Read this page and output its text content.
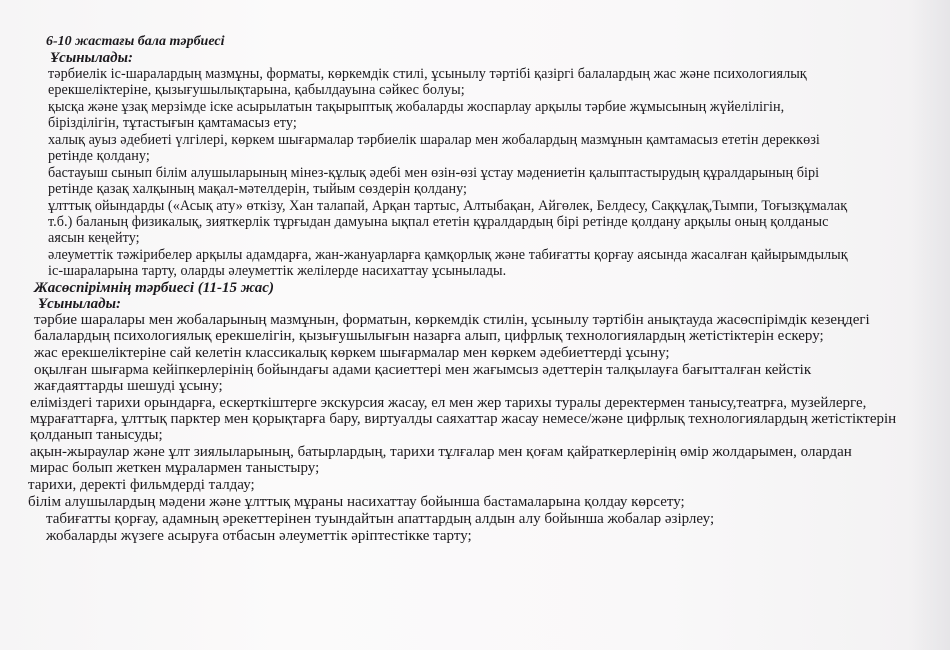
6-10 жастағы бала тәрбиесі
Ұсынылады:
тәрбиелік іс-шаралардың мазмұны, форматы, көркемдік стилі, ұсынылу тәртібі қазіргі балалардың жас және психологиялық
ерекшеліктеріне, қызығушылықтарына, қабылдауына сәйкес болуы;
қысқа және ұзақ мерзімде іске асырылатын тақырыптық жобаларды жоспарлау арқылы тәрбие жұмысының жүйелілігін,
біріздiлігін, тұтастығын қамтамасыз ету;
халық ауыз әдебиеті үлгілері, көркем шығармалар тәрбиелік шаралар мен жобалардың мазмұнын қамтамасыз ететін дереккөзі
ретінде қолдану;
бастауыш сынып білім алушыларының мінез-құлық әдебі мен өзін-өзі ұстау мәдениетін қалыптастырудың құралдарының бірі
ретінде қазақ халқының мақал-мәтелдерін, тыйым сөздерін қолдану;
ұлттық ойындарды («Асық ату» өткізу, Хан талапай, Арқан тартыс, Алтыбақан, Айгөлек, Белдесу, Саққұлақ,Тымпи, Тоғызқұмалақ
т.б.) баланың физикалық, зияткерлік тұрғыдан дамуына ықпал ететін құралдардың бірі ретінде қолдану арқылы оның қолданыс
аясын кеңейту;
әлеуметтік тәжірибелер арқылы адамдарға, жан-жануарларға қамқорлық және табиғатты қорғау аясында жасалған қайырымдылық
іс-шараларына тарту, оларды әлеуметтік желілерде насихаттау ұсынылады.
Жасөспірімнің тәрбиесі (11-15 жас)
Ұсынылады:
тәрбие шаралары мен жобаларының мазмұнын, форматын, көркемдік стилін, ұсынылу тәртібін анықтауда жасөспірімдік кезеңдегі
балалардың психологиялық ерекшелігін, қызығушылығын назарға алып, цифрлық технологиялардың жетістіктерін ескеру;
жас ерекшеліктеріне сай келетін классикалық көркем шығармалар мен көркем әдебиеттерді ұсыну;
оқылған шығарма кейіпкерлерінің бойындағы адами қасиеттері мен жағымсыз әдеттерін талқылауға бағытталған кейстік
жағдаяттарды шешуді ұсыну;
еліміздегі тарихи орындарға, ескерткіштерге экскурсия жасау, ел мен жер тарихы туралы деректермен танысу,театрға, музейлерге,
мұрағаттарға, ұлттық парктер мен қорықтарға бару, виртуалды саяхаттар жасау немесе/және цифрлық технологиялардың жетістіктерін
қолданып танысуды;
ақын-жыраулар және ұлт зиялыларының, батырлардың, тарихи тұлғалар мен қоғам қайраткерлерінің өмір жолдарымен, олардан
мирас болып жеткен мұралармен таныстыру;
тарихи, деректі фильмдерді талдау;
білім алушылардың мәдени және ұлттық мұраны насихаттау бойынша бастамаларына қолдау көрсету;
табиғатты қорғау, адамның әрекеттерінен туындайтын апаттардың алдын алу бойынша жобалар әзірлеу;
жобаларды жүзеге асыруға отбасын әлеуметтік әріптестікке тарту;
